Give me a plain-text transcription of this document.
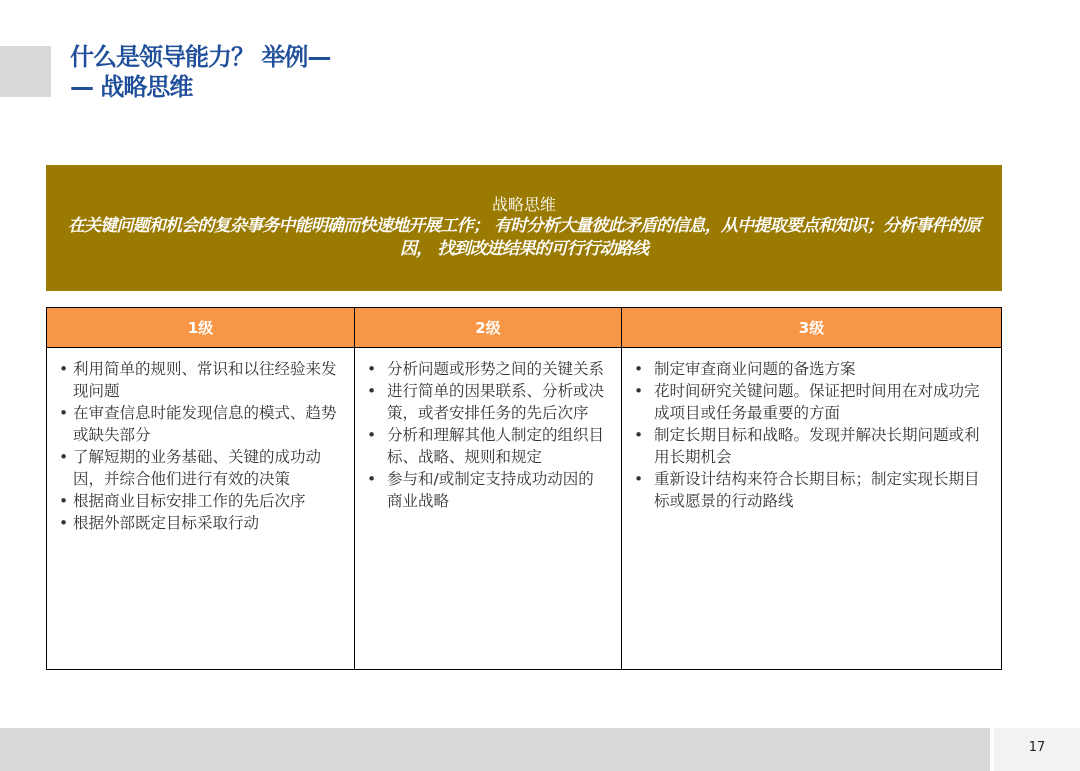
什么是领导能力？ 举例—
— 战略思维
战略思维
在关键问题和机会的复杂事务中能明确而快速地开展工作； 有时分析大量彼此矛盾的信息，从中提取要点和知识；分析事件的原因， 找到改进结果的可行行动路线
1级
• 利用简单的规则、常识和以往经验来发现问题
• 在审查信息时能发现信息的模式、趋势或缺失部分
• 了解短期的业务基础、关键的成功动因，并综合他们进行有效的决策
• 根据商业目标安排工作的先后次序
• 根据外部既定目标采取行动
2级
• 分析问题或形势之间的关键关系
• 进行简单的因果联系、分析或决策，或者安排任务的先后次序
• 分析和理解其他人制定的组织目标、战略、规则和规定
• 参与和/或制定支持成功动因的商业战略
3级
• 制定审查商业问题的备选方案
• 花时间研究关键问题。保证把时间用在对成功完成项目或任务最重要的方面
• 制定长期目标和战略。发现并解决长期问题或利用长期机会
• 重新设计结构来符合长期目标；制定实现长期目标或愿景的行动路线
17
